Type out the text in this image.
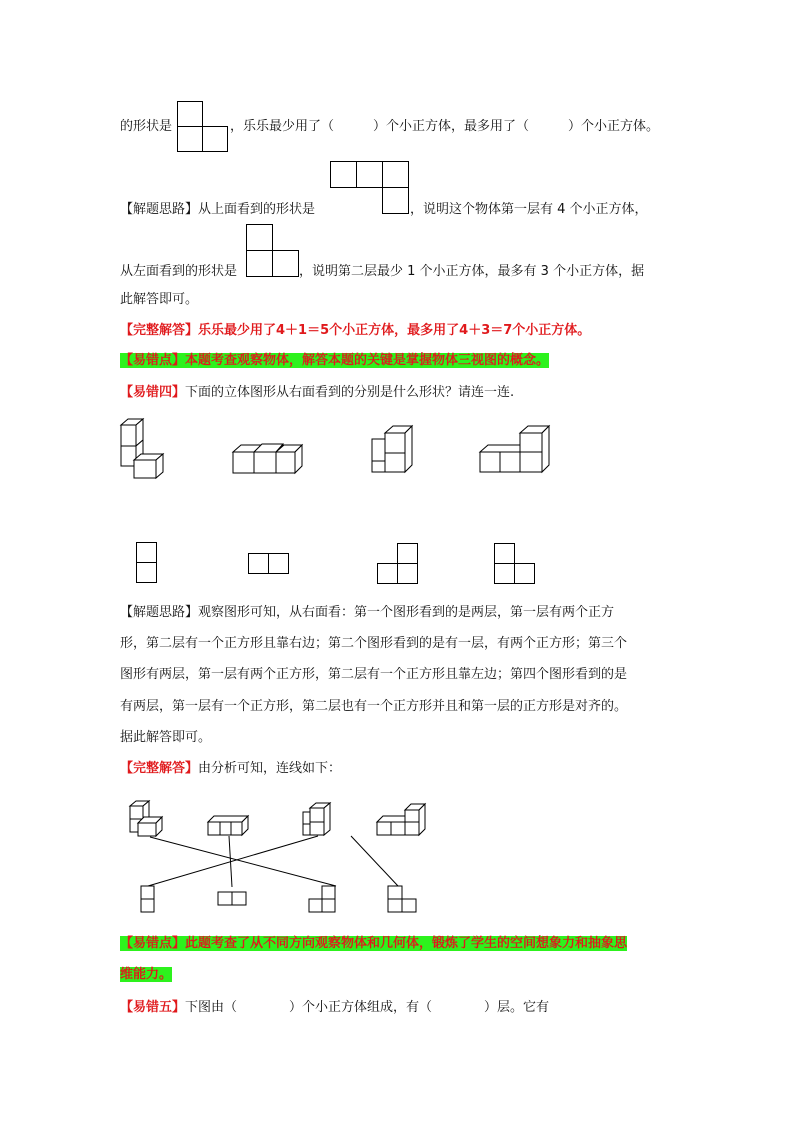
的形状是	，乐乐最少用了（　　　）个小正方体，最多用了（　　　）个小正方体。
【解题思路】从上面看到的形状是	，说明这个物体第一层有 4 个小正方体，
从左面看到的形状是	，说明第二层最少 1 个小正方体，最多有 3 个小正方体，据
此解答即可。
【完整解答】乐乐最少用了4＋1＝5个小正方体，最多用了4＋3＝7个小正方体。
【易错点】本题考查观察物体，解答本题的关键是掌握物体三视图的概念。
【易错四】下面的立体图形从右面看到的分别是什么形状？请连一连.
【解题思路】观察图形可知，从右面看：第一个图形看到的是两层，第一层有两个正方
形，第二层有一个正方形且靠右边；第二个图形看到的是有一层，有两个正方形；第三个
图形有两层，第一层有两个正方形，第二层有一个正方形且靠左边；第四个图形看到的是
有两层，第一层有一个正方形，第二层也有一个正方形并且和第一层的正方形是对齐的。
据此解答即可。
【完整解答】由分析可知，连线如下：
【易错点】此题考查了从不同方向观察物体和几何体，锻炼了学生的空间想象力和抽象思
维能力。
【易错五】下图由（　　　　）个小正方体组成，有（　　　　）层。它有
